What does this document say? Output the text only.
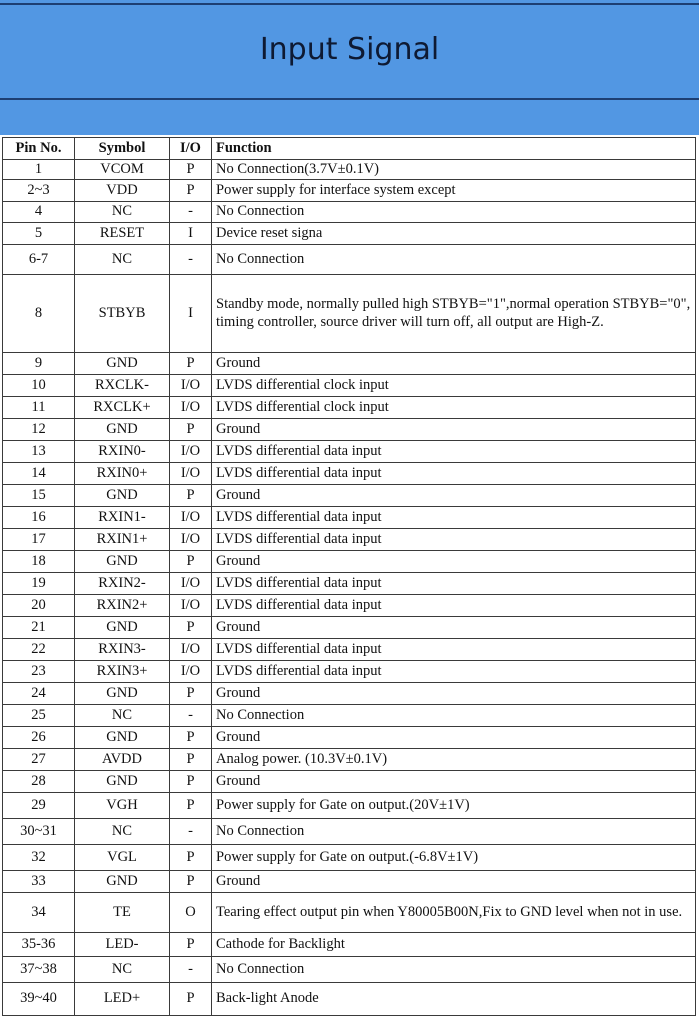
Input Signal
Pin No.	Symbol	I/O	Function
1	VCOM	P	No Connection(3.7V±0.1V)
2~3	VDD	P	Power supply for interface system except
4	NC	-	No Connection
5	RESET	I	Device reset signa
6-7	NC	-	No Connection
8	STBYB	I	Standby mode, normally pulled high STBYB="1",normal operation STBYB="0", timing controller, source driver will turn off, all output are High-Z.
9	GND	P	Ground
10	RXCLK-	I/O	LVDS differential clock input
11	RXCLK+	I/O	LVDS differential clock input
12	GND	P	Ground
13	RXIN0-	I/O	LVDS differential data input
14	RXIN0+	I/O	LVDS differential data input
15	GND	P	Ground
16	RXIN1-	I/O	LVDS differential data input
17	RXIN1+	I/O	LVDS differential data input
18	GND	P	Ground
19	RXIN2-	I/O	LVDS differential data input
20	RXIN2+	I/O	LVDS differential data input
21	GND	P	Ground
22	RXIN3-	I/O	LVDS differential data input
23	RXIN3+	I/O	LVDS differential data input
24	GND	P	Ground
25	NC	-	No Connection
26	GND	P	Ground
27	AVDD	P	Analog power. (10.3V±0.1V)
28	GND	P	Ground
29	VGH	P	Power supply for Gate on output.(20V±1V)
30~31	NC	-	No Connection
32	VGL	P	Power supply for Gate on output.(-6.8V±1V)
33	GND	P	Ground
34	TE	O	Tearing effect output pin when Y80005B00N,Fix to GND level when not in use.
35-36	LED-	P	Cathode for Backlight
37~38	NC	-	No Connection
39~40	LED+	P	Back-light Anode
